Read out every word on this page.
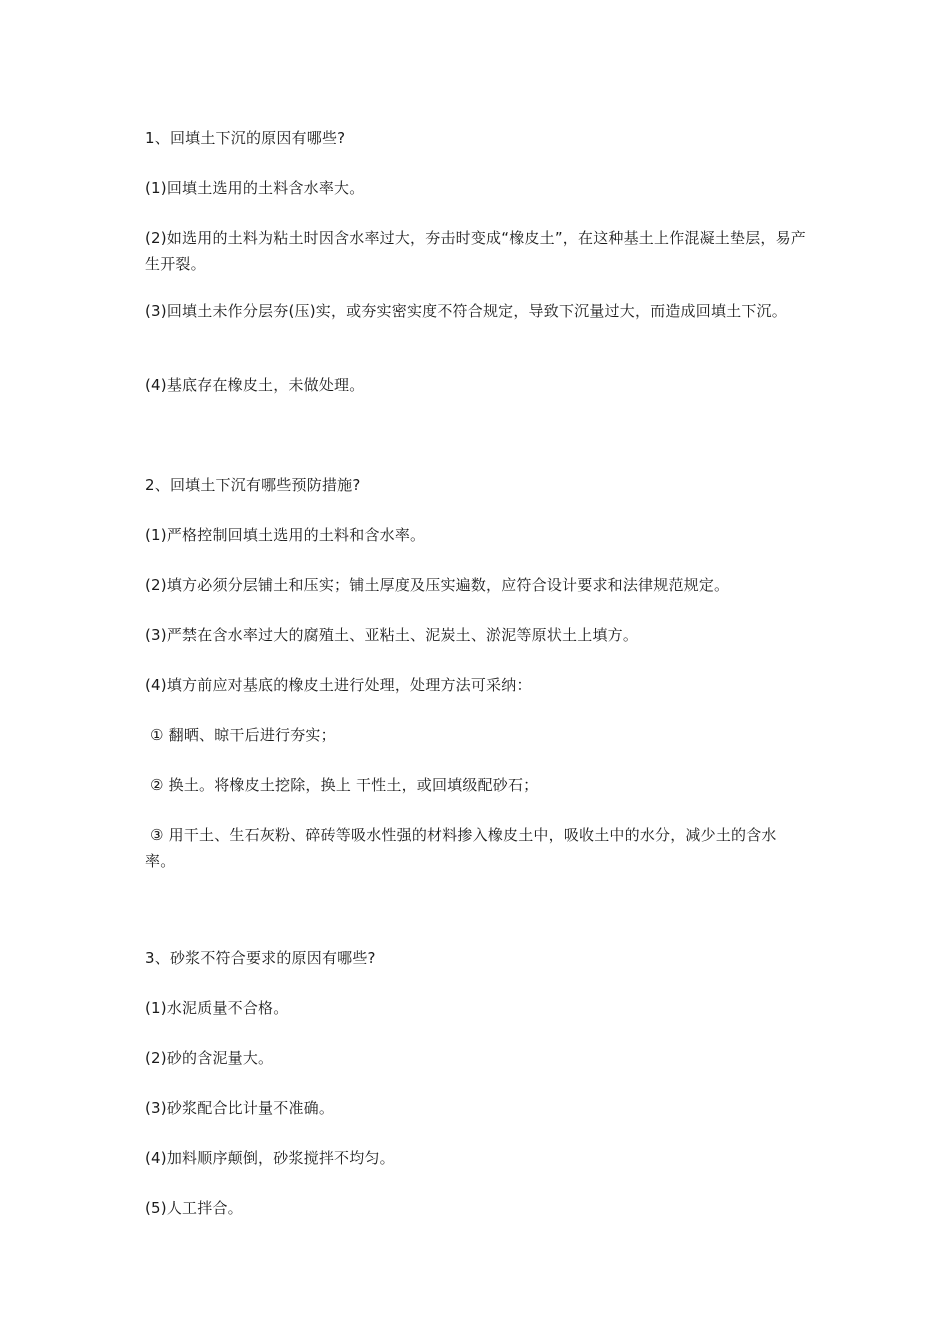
1、回填土下沉的原因有哪些?

(1)回填土选用的土料含水率大。

(2)如选用的土料为粘土时因含水率过大，夯击时变成“橡皮土”，在这种基土上作混凝土垫层，易产生开裂。

(3)回填土未作分层夯(压)实，或夯实密实度不符合规定，导致下沉量过大，而造成回填土下沉。

(4)基底存在橡皮土，未做处理。

2、回填土下沉有哪些预防措施?

(1)严格控制回填土选用的土料和含水率。

(2)填方必须分层铺土和压实；铺土厚度及压实遍数，应符合设计要求和法律规范规定。

(3)严禁在含水率过大的腐殖土、亚粘土、泥炭土、淤泥等原状土上填方。

(4)填方前应对基底的橡皮土进行处理，处理方法可采纳：

① 翻晒、晾干后进行夯实；

② 换土。将橡皮土挖除，换上 干性土，或回填级配砂石；

③ 用干土、生石灰粉、碎砖等吸水性强的材料掺入橡皮土中，吸收土中的水分，减少土的含水率。

3、砂浆不符合要求的原因有哪些?

(1)水泥质量不合格。

(2)砂的含泥量大。

(3)砂浆配合比计量不准确。

(4)加料顺序颠倒，砂浆搅拌不均匀。

(5)人工拌合。
